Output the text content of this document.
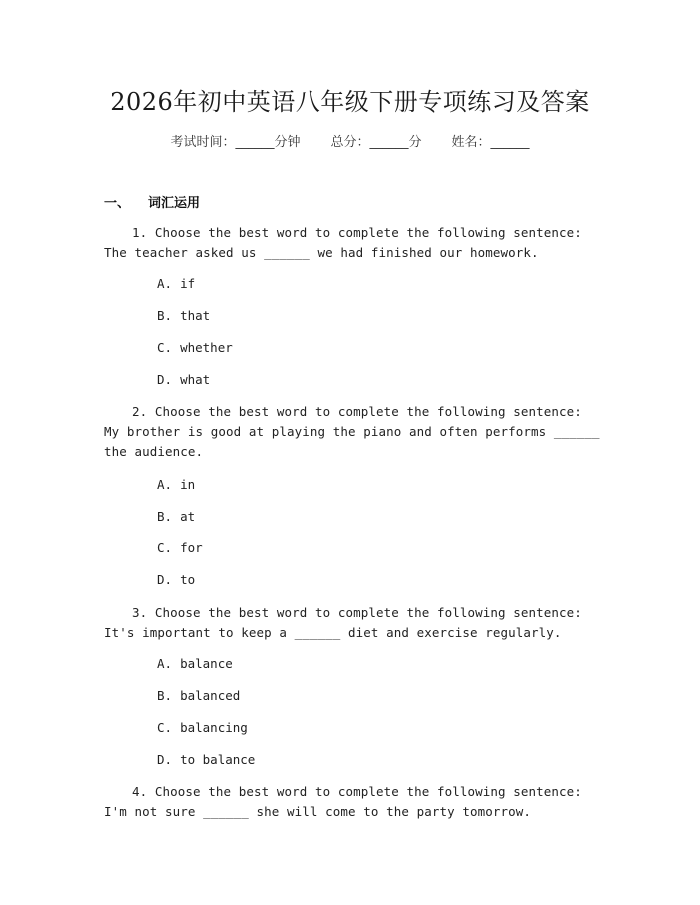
2026年初中英语八年级下册专项练习及答案
考试时间：______分钟 总分：______分 姓名：______
一、 词汇运用
1. Choose the best word to complete the following sentence: The teacher asked us ______ we had finished our homework.
A. if
B. that
C. whether
D. what
2. Choose the best word to complete the following sentence: My brother is good at playing the piano and often performs ______ the audience.
A. in
B. at
C. for
D. to
3. Choose the best word to complete the following sentence: It's important to keep a ______ diet and exercise regularly.
A. balance
B. balanced
C. balancing
D. to balance
4. Choose the best word to complete the following sentence: I'm not sure ______ she will come to the party tomorrow.
